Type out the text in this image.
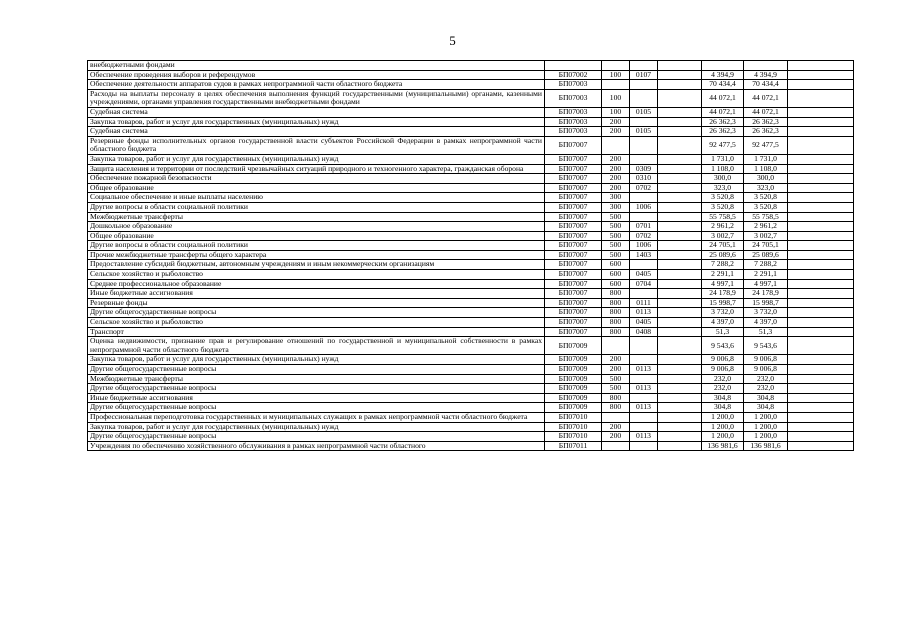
5
внебюджетными фондами							
Обеспечение проведения выборов и референдумов	БП07002	100	0107		4 394,9	4 394,9	
Обеспечение деятельности аппаратов судов в рамках непрограммной части областного бюджета	БП07003				70 434,4	70 434,4	
Расходы на выплаты персоналу в целях обеспечения выполнения функций государственными (муниципальными) органами, казенными учреждениями, органами управления государственными внебюджетными фондами	БП07003	100			44 072,1	44 072,1	
Судебная система	БП07003	100	0105		44 072,1	44 072,1	
Закупка товаров, работ и услуг для государственных (муниципальных) нужд	БП07003	200			26 362,3	26 362,3	
Судебная система	БП07003	200	0105		26 362,3	26 362,3	
Резервные фонды исполнительных органов государственной власти субъектов Российской Федерации в рамках непрограммной части областного бюджета	БП07007				92 477,5	92 477,5	
Закупка товаров, работ и услуг для государственных (муниципальных) нужд	БП07007	200			1 731,0	1 731,0	
Защита населения и территории от последствий чрезвычайных ситуаций природного и техногенного характера, гражданская оборона	БП07007	200	0309		1 108,0	1 108,0	
Обеспечение пожарной безопасности	БП07007	200	0310		300,0	300,0	
Общее образование	БП07007	200	0702		323,0	323,0	
Социальное обеспечение и иные выплаты населению	БП07007	300			3 520,8	3 520,8	
Другие вопросы в области социальной политики	БП07007	300	1006		3 520,8	3 520,8	
Межбюджетные трансферты	БП07007	500			55 758,5	55 758,5	
Дошкольное образование	БП07007	500	0701		2 961,2	2 961,2	
Общее образование	БП07007	500	0702		3 002,7	3 002,7	
Другие вопросы в области социальной политики	БП07007	500	1006		24 705,1	24 705,1	
Прочие межбюджетные трансферты общего характера	БП07007	500	1403		25 089,6	25 089,6	
Предоставление субсидий бюджетным, автономным учреждениям и иным некоммерческим организациям	БП07007	600			7 288,2	7 288,2	
Сельское хозяйство и рыболовство	БП07007	600	0405		2 291,1	2 291,1	
Среднее профессиональное образование	БП07007	600	0704		4 997,1	4 997,1	
Иные бюджетные ассигнования	БП07007	800			24 178,9	24 178,9	
Резервные фонды	БП07007	800	0111		15 998,7	15 998,7	
Другие общегосударственные вопросы	БП07007	800	0113		3 732,0	3 732,0	
Сельское хозяйство и рыболовство	БП07007	800	0405		4 397,0	4 397,0	
Транспорт	БП07007	800	0408		51,3	51,3	
Оценка недвижимости, признание прав и регулирование отношений по государственной и муниципальной собственности в рамках непрограммной части областного бюджета	БП07009				9 543,6	9 543,6	
Закупка товаров, работ и услуг для государственных (муниципальных) нужд	БП07009	200			9 006,8	9 006,8	
Другие общегосударственные вопросы	БП07009	200	0113		9 006,8	9 006,8	
Межбюджетные трансферты	БП07009	500			232,0	232,0	
Другие общегосударственные вопросы	БП07009	500	0113		232,0	232,0	
Иные бюджетные ассигнования	БП07009	800			304,8	304,8	
Другие общегосударственные вопросы	БП07009	800	0113		304,8	304,8	
Профессиональная переподготовка государственных и муниципальных служащих в рамках непрограммной части областного бюджета	БП07010				1 200,0	1 200,0	
Закупка товаров, работ и услуг для государственных (муниципальных) нужд	БП07010	200			1 200,0	1 200,0	
Другие общегосударственные вопросы	БП07010	200	0113		1 200,0	1 200,0	
Учреждения по обеспечению хозяйственного обслуживания в рамках непрограммной части областного	БП07011				136 981,6	136 981,6	
